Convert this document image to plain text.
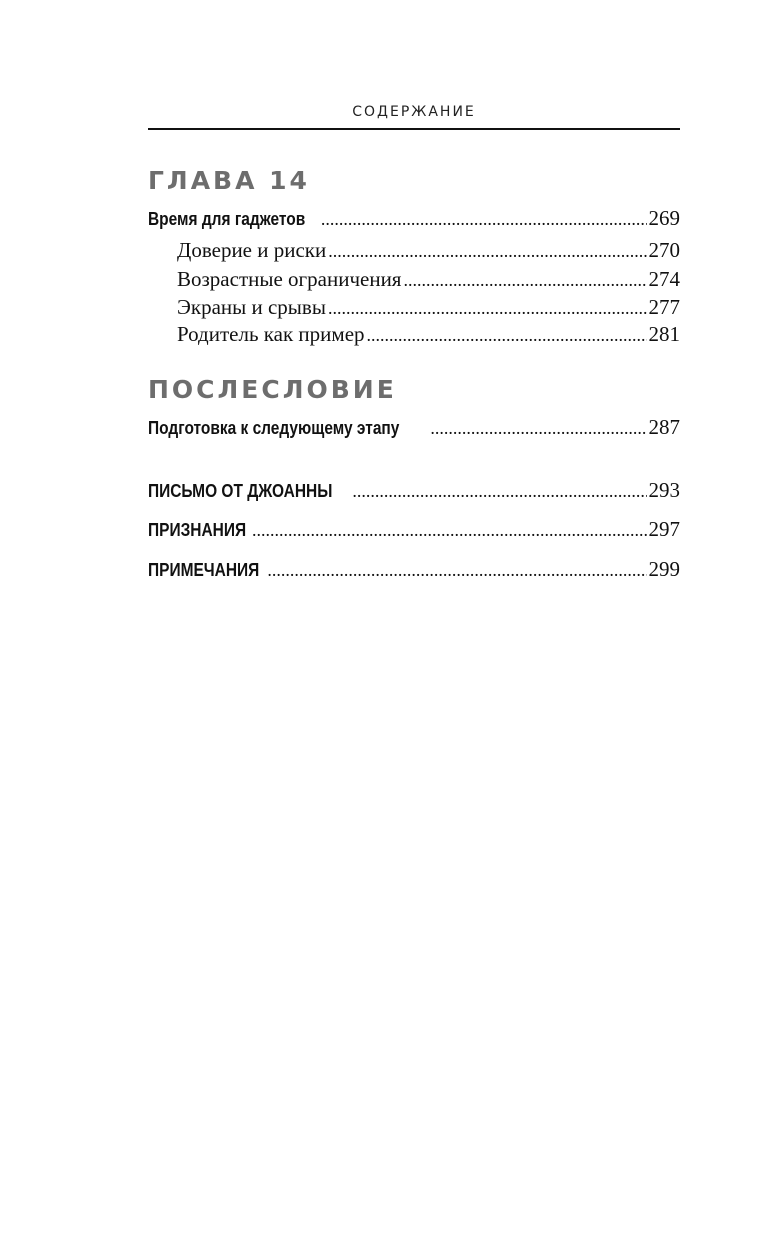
СОДЕРЖАНИЕ
ГЛАВА 14
Время для гаджетов .....	269
Доверие и риски .....	270
Возрастные ограничения .....	274
Экраны и срывы .....	277
Родитель как пример .....	281
ПОСЛЕСЛОВИЕ
Подготовка к следующему этапу .....	287
ПИСЬМО ОТ ДЖОАННЫ .....	293
ПРИЗНАНИЯ .....	297
ПРИМЕЧАНИЯ .....	299
